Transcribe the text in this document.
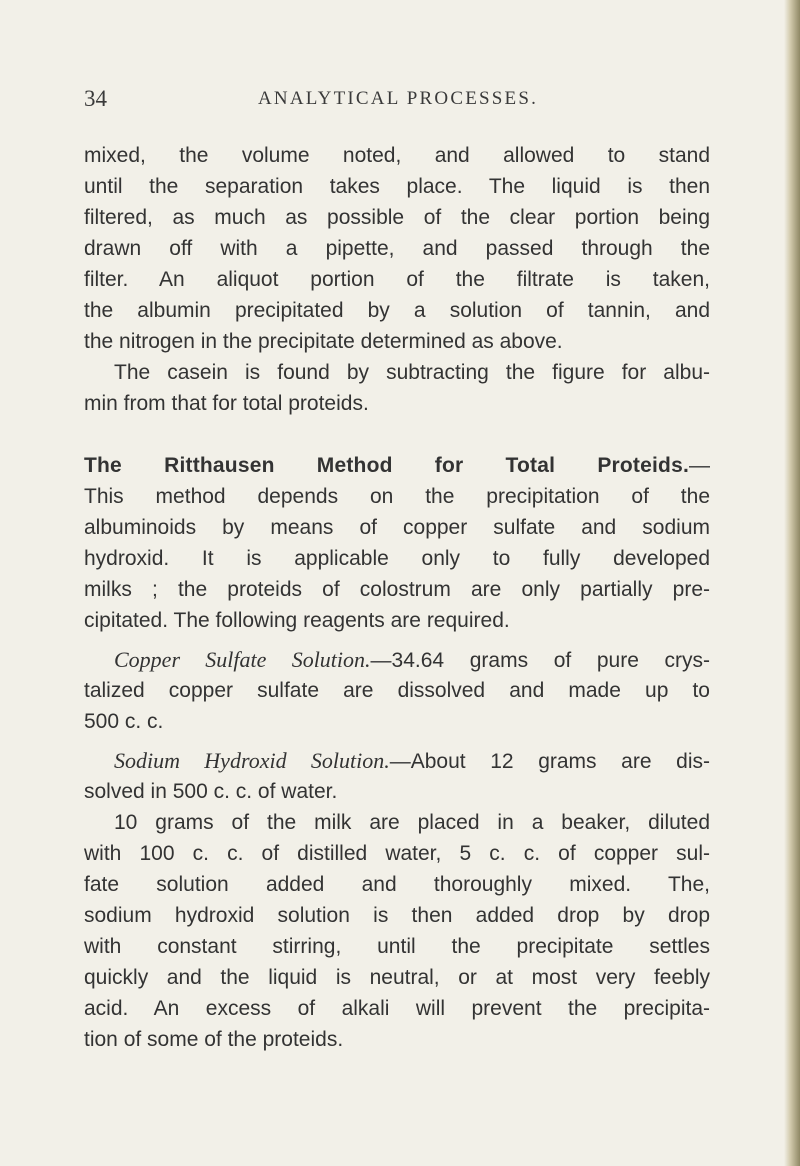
34	ANALYTICAL PROCESSES.
mixed, the volume noted, and allowed to stand
until the separation takes place. The liquid is then
filtered, as much as possible of the clear portion being
drawn off with a pipette, and passed through the
filter. An aliquot portion of the filtrate is taken,
the albumin precipitated by a solution of tannin, and
the nitrogen in the precipitate determined as above.
The casein is found by subtracting the figure for albu-
min from that for total proteids.
The Ritthausen Method for Total Proteids.—
This method depends on the precipitation of the
albuminoids by means of copper sulfate and sodium
hydroxid. It is applicable only to fully developed
milks ; the proteids of colostrum are only partially pre-
cipitated. The following reagents are required.
Copper Sulfate Solution.—34.64 grams of pure crys-
talized copper sulfate are dissolved and made up to
500 c. c.
Sodium Hydroxid Solution.—About 12 grams are dis-
solved in 500 c. c. of water.
10 grams of the milk are placed in a beaker, diluted
with 100 c. c. of distilled water, 5 c. c. of copper sul-
fate solution added and thoroughly mixed. The,
sodium hydroxid solution is then added drop by drop
with constant stirring, until the precipitate settles
quickly and the liquid is neutral, or at most very feebly
acid. An excess of alkali will prevent the precipita-
tion of some of the proteids.
